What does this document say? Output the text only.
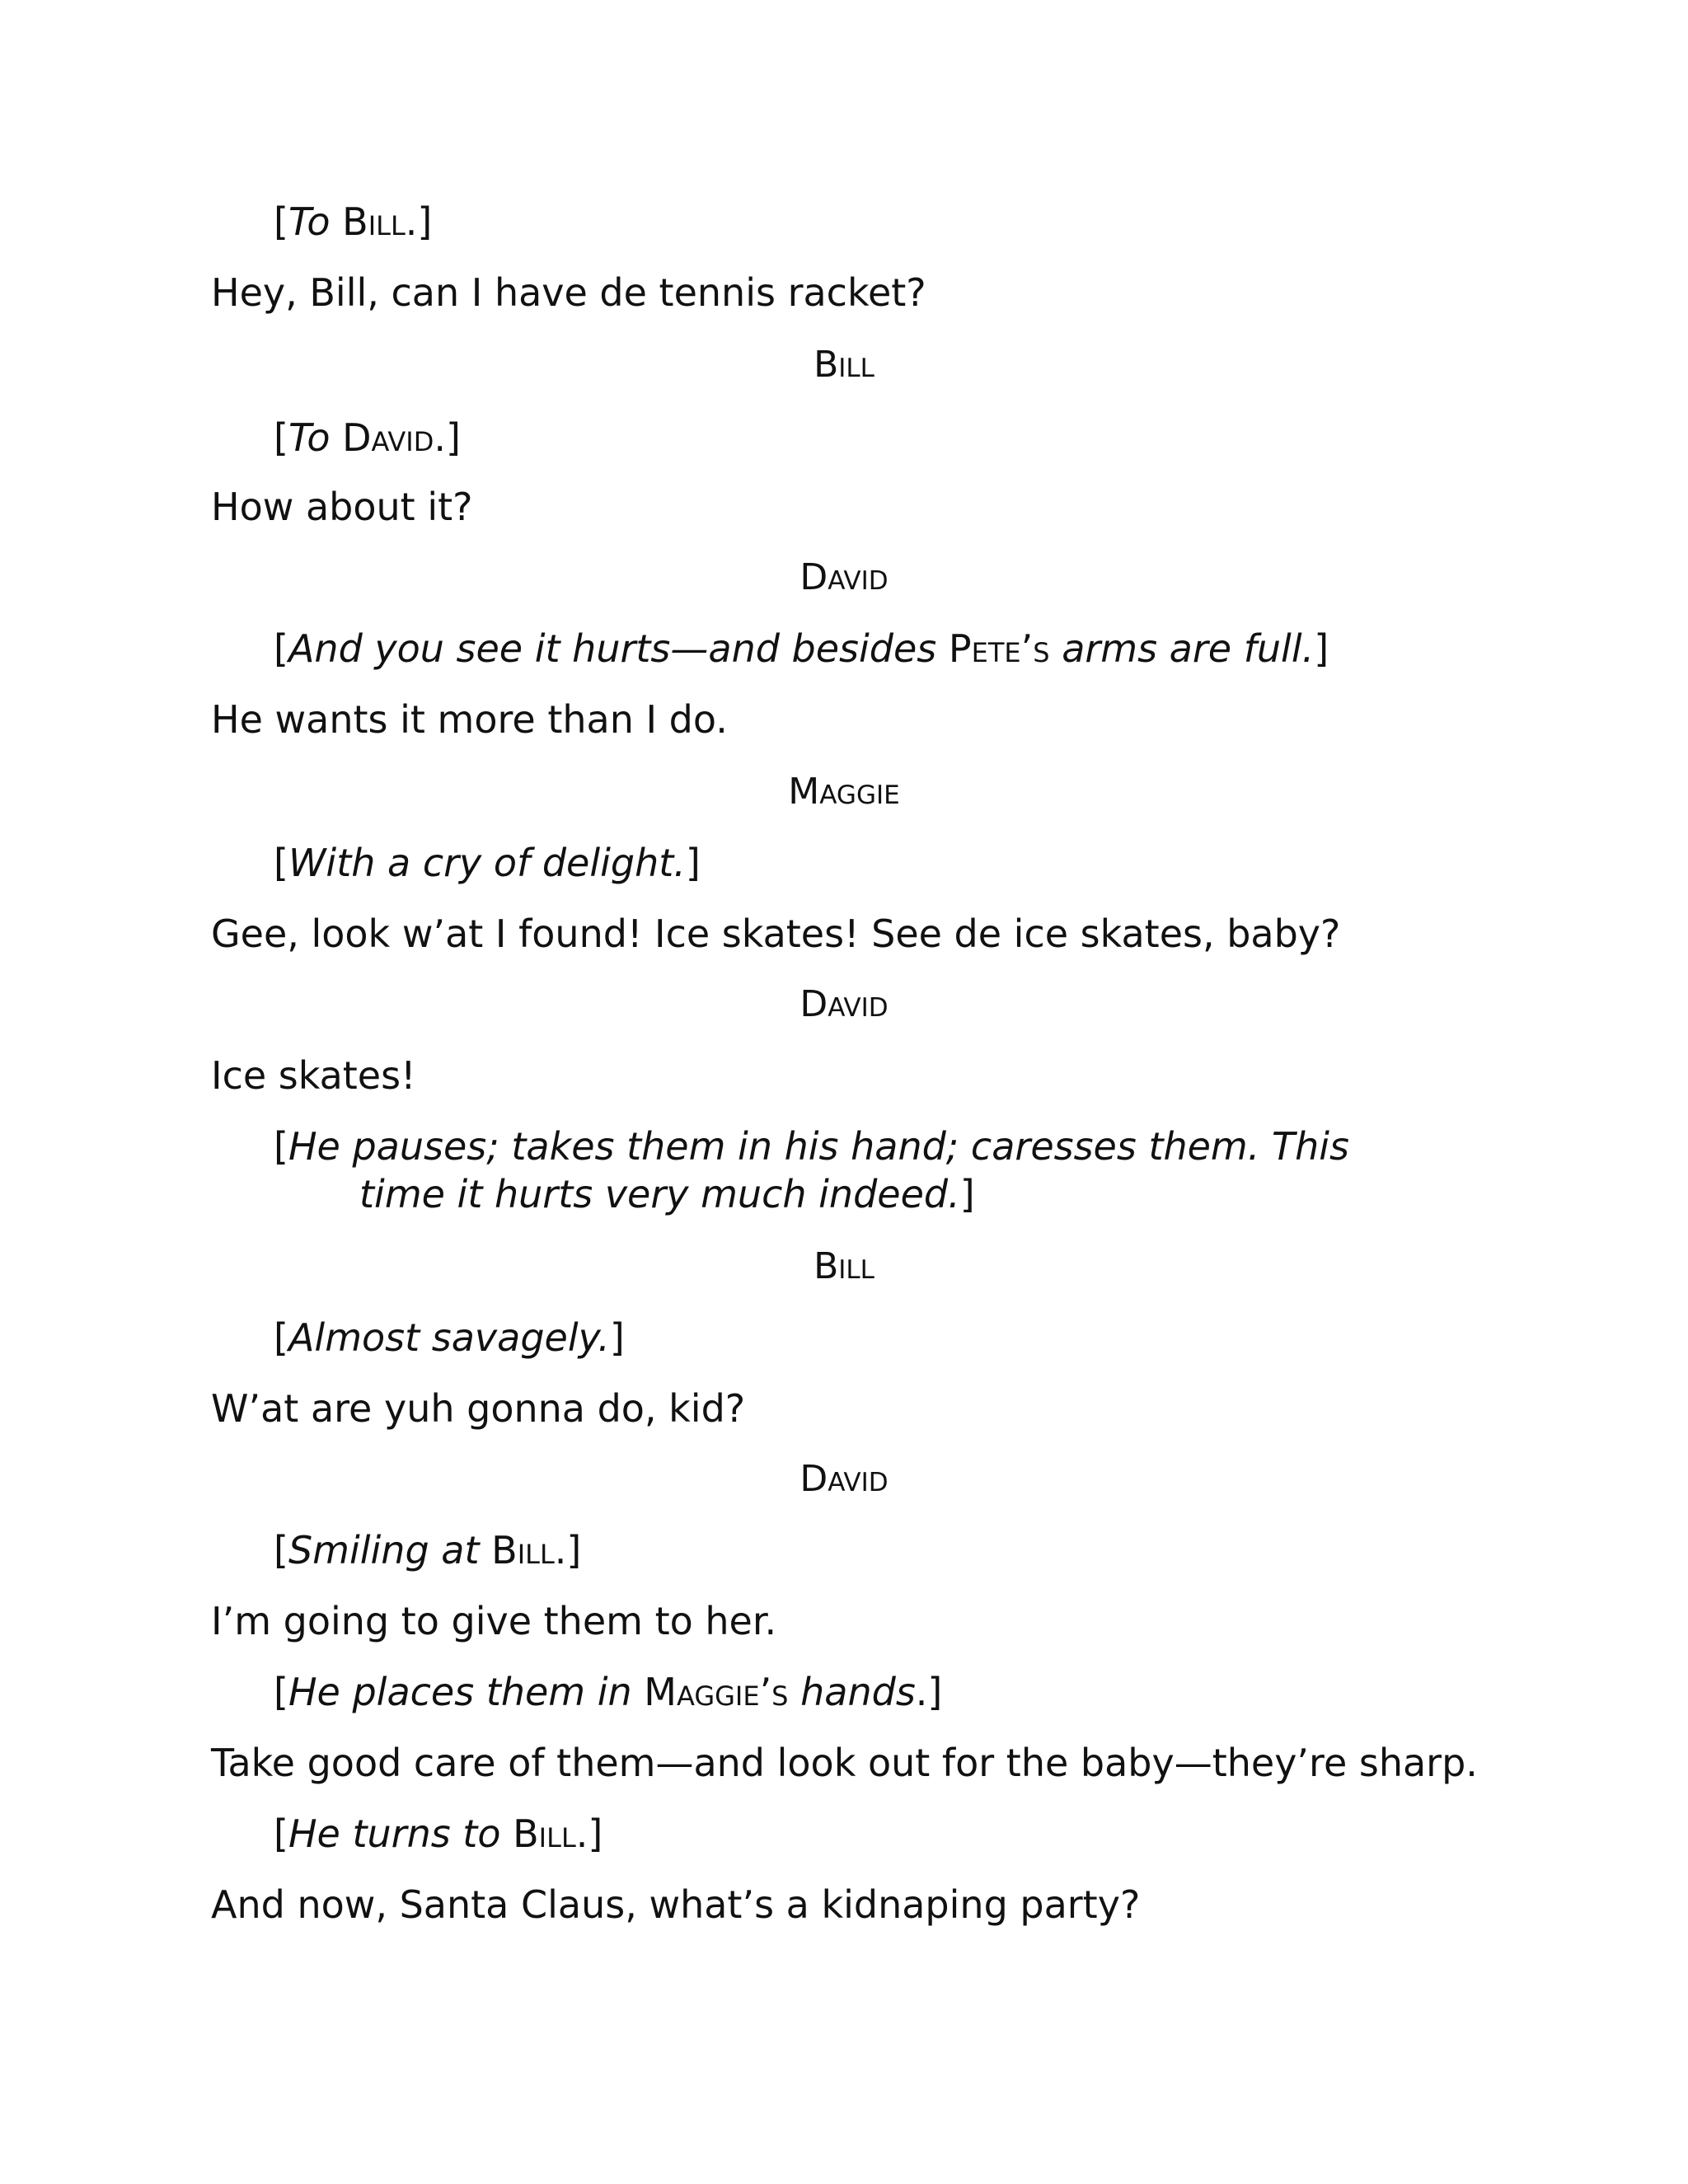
[To Bill.]

Hey, Bill, can I have de tennis racket?

Bill

[To David.]

How about it?

David

[And you see it hurts—and besides Pete’s arms are full.]

He wants it more than I do.

Maggie

[With a cry of delight.]

Gee, look w’at I found! Ice skates! See de ice skates, baby?

David

Ice skates!

[He pauses; takes them in his hand; caresses them. This

time it hurts very much indeed.]

Bill

[Almost savagely.]

W’at are yuh gonna do, kid?

David

[Smiling at Bill.]

I’m going to give them to her.

[He places them in Maggie’s hands.]

Take good care of them—and look out for the baby—they’re sharp.

[He turns to Bill.]

And now, Santa Claus, what’s a kidnaping party?
